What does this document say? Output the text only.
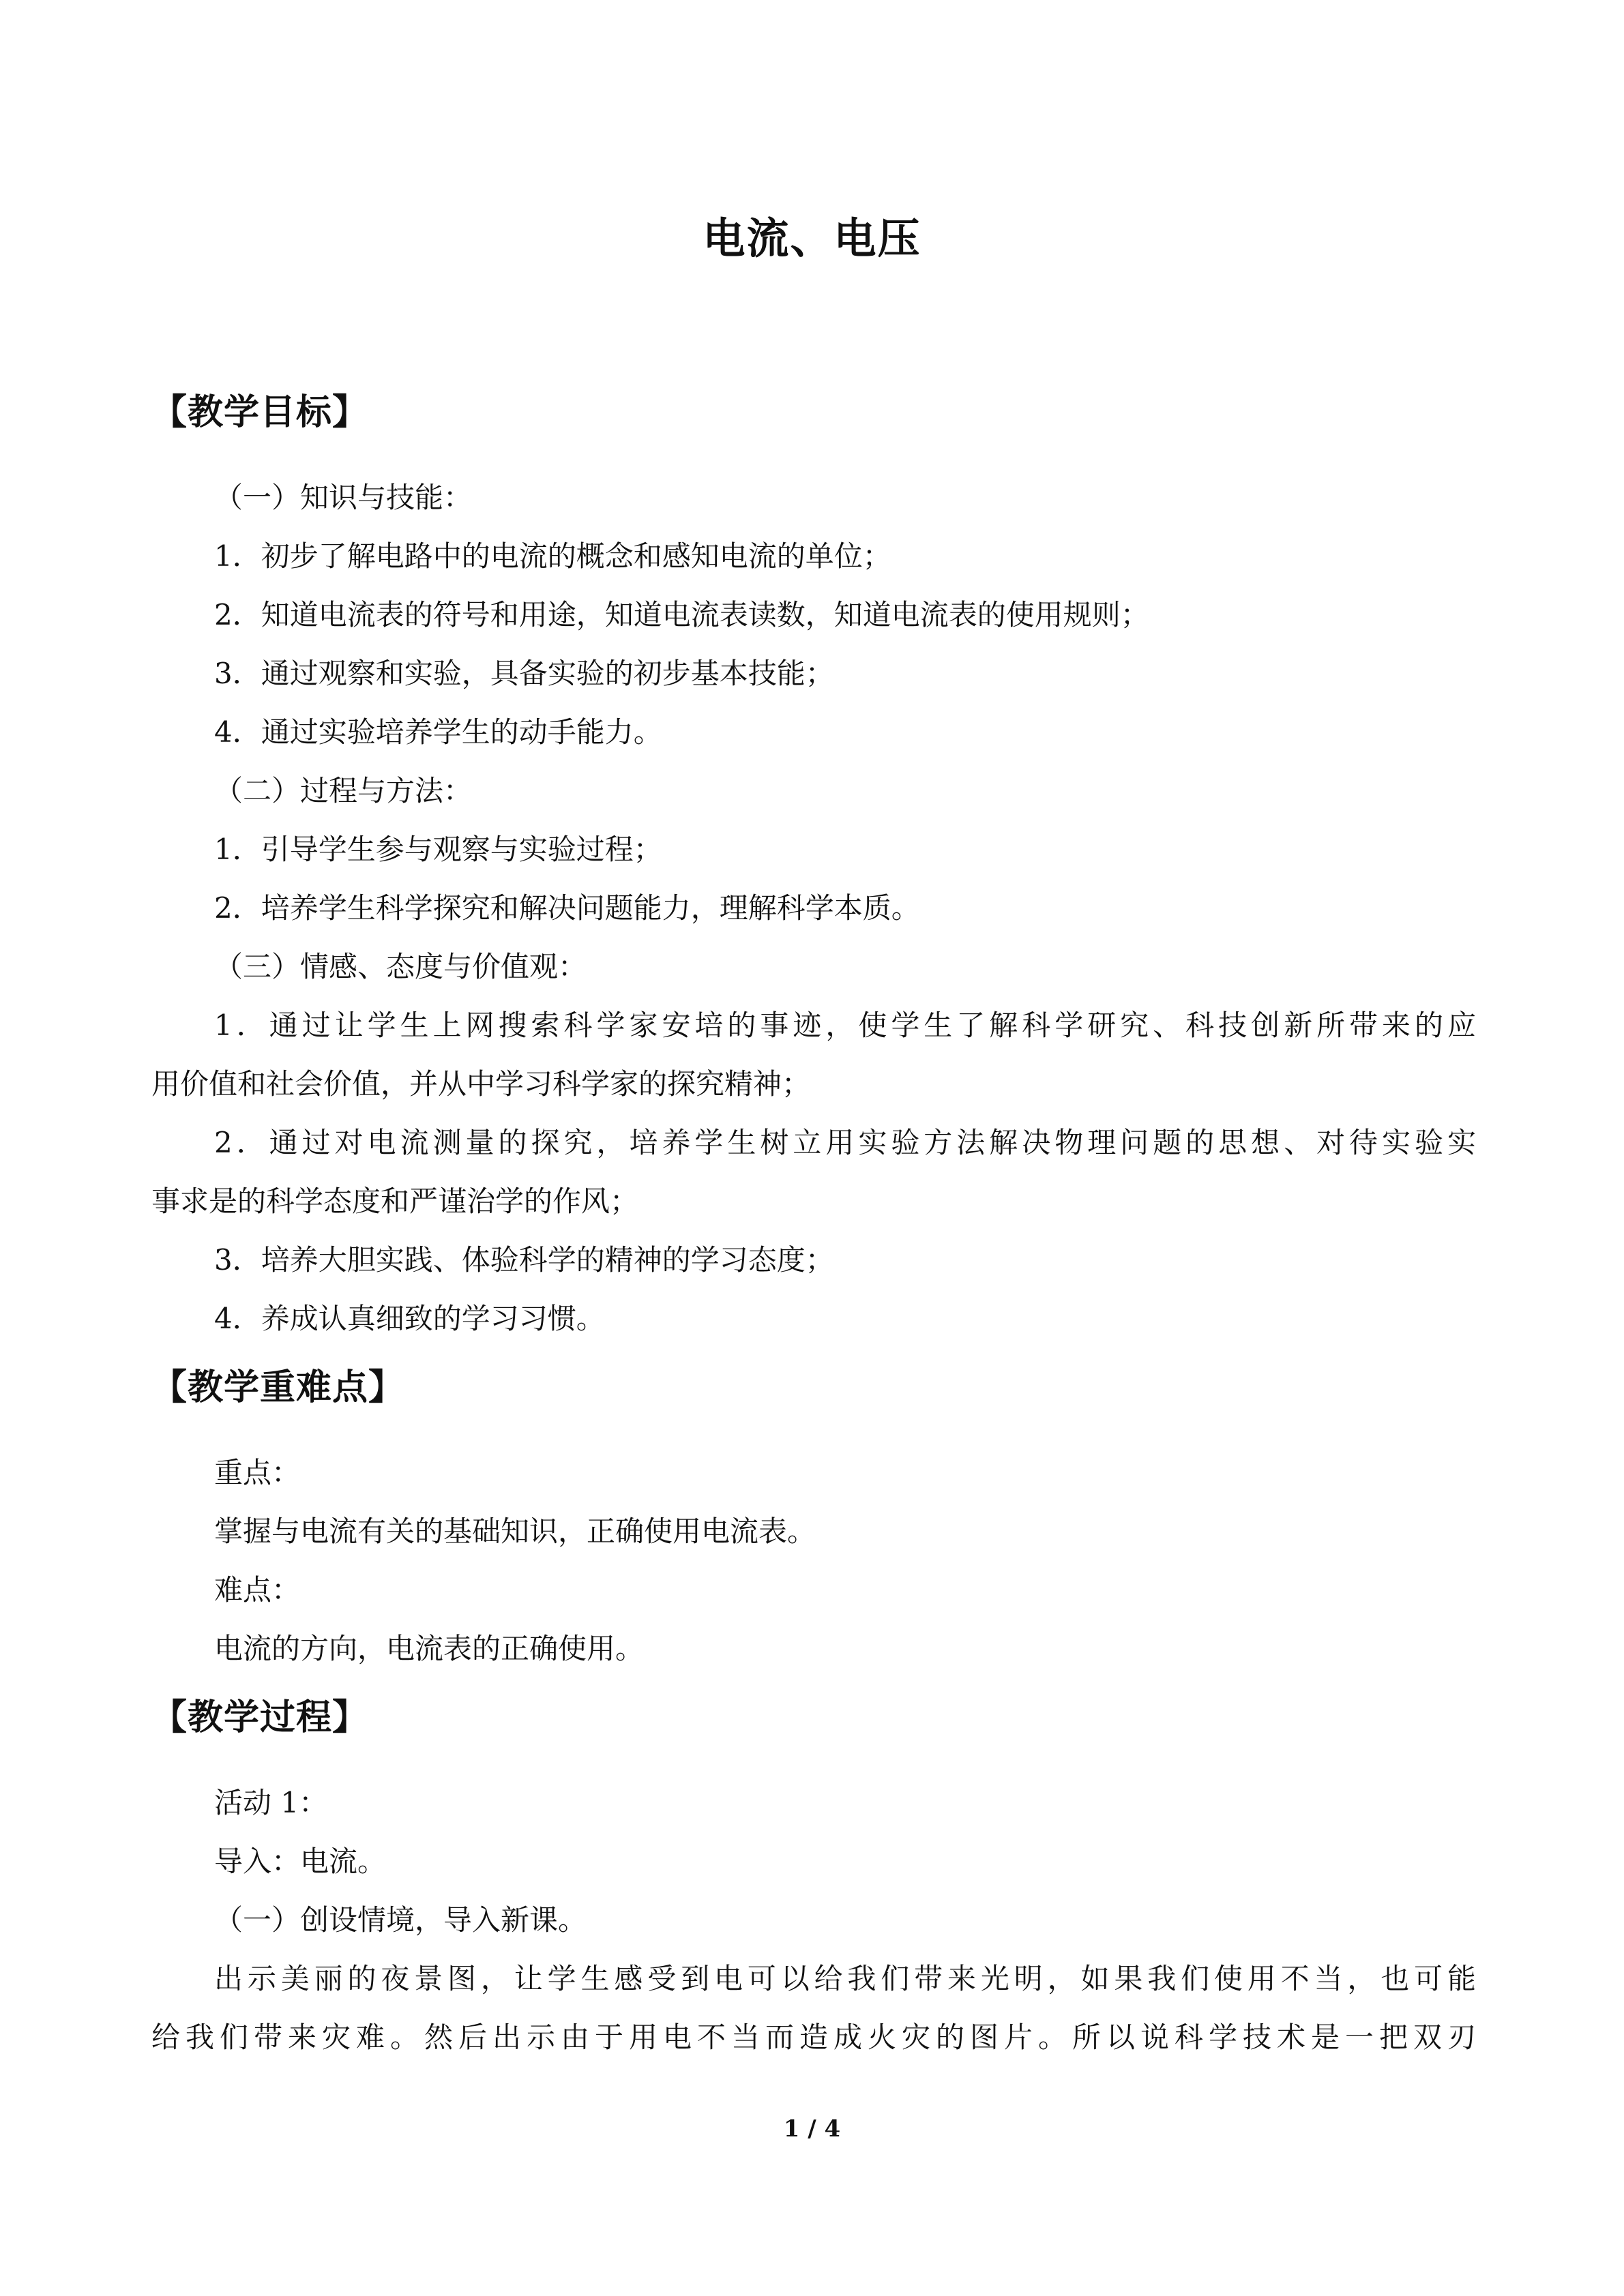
电流、电压
【教学目标】
（一）知识与技能：
1．初步了解电路中的电流的概念和感知电流的单位；
2．知道电流表的符号和用途，知道电流表读数，知道电流表的使用规则；
3．通过观察和实验，具备实验的初步基本技能；
4．通过实验培养学生的动手能力。
（二）过程与方法：
1．引导学生参与观察与实验过程；
2．培养学生科学探究和解决问题能力，理解科学本质。
（三）情感、态度与价值观：
1．通过让学生上网搜索科学家安培的事迹，使学生了解科学研究、科技创新所带来的应
用价值和社会价值，并从中学习科学家的探究精神；
2．通过对电流测量的探究，培养学生树立用实验方法解决物理问题的思想、对待实验实
事求是的科学态度和严谨治学的作风；
3．培养大胆实践、体验科学的精神的学习态度；
4．养成认真细致的学习习惯。
【教学重难点】
重点：
掌握与电流有关的基础知识，正确使用电流表。
难点：
电流的方向，电流表的正确使用。
【教学过程】
活动 1：
导入：电流。
（一）创设情境，导入新课。
出示美丽的夜景图，让学生感受到电可以给我们带来光明，如果我们使用不当，也可能
给我们带来灾难。然后出示由于用电不当而造成火灾的图片。所以说科学技术是一把双刃
1 / 4
